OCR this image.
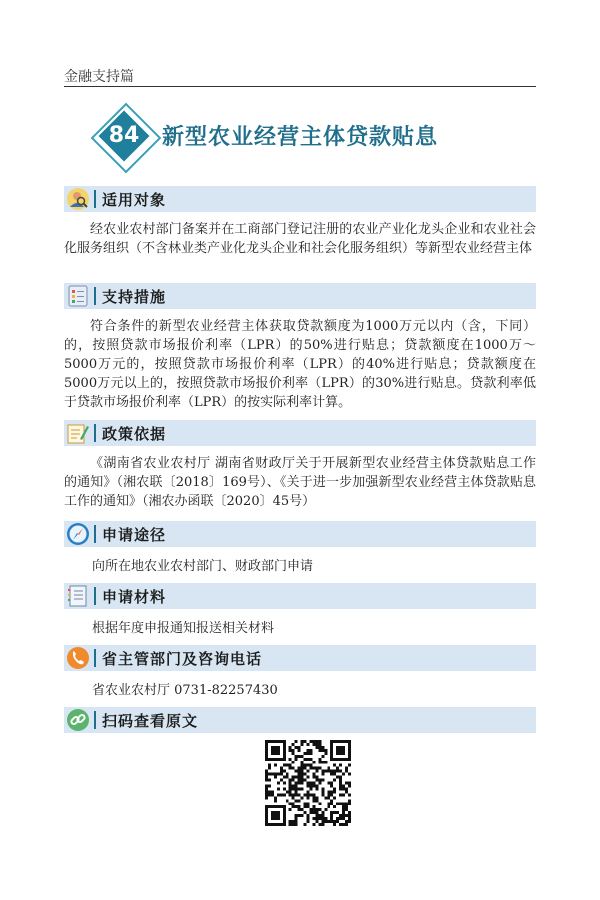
金融支持篇
84	新型农业经营主体贷款贴息
适用对象
经农业农村部门备案并在工商部门登记注册的农业产业化龙头企业和农业社会化服务组织（不含林业类产业化龙头企业和社会化服务组织）等新型农业经营主体
支持措施
符合条件的新型农业经营主体获取贷款额度为1000万元以内（含，下同）的，按照贷款市场报价利率（LPR）的50%进行贴息；贷款额度在1000万～5000万元的，按照贷款市场报价利率（LPR）的40%进行贴息；贷款额度在5000万元以上的，按照贷款市场报价利率（LPR）的30%进行贴息。贷款利率低于贷款市场报价利率（LPR）的按实际利率计算。
政策依据
《湖南省农业农村厅 湖南省财政厅关于开展新型农业经营主体贷款贴息工作的通知》（湘农联〔2018〕169号）、《关于进一步加强新型农业经营主体贷款贴息工作的通知》（湘农办函联〔2020〕45号）
申请途径
向所在地农业农村部门、财政部门申请
申请材料
根据年度申报通知报送相关材料
省主管部门及咨询电话
省农业农村厅 0731-82257430
扫码查看原文
